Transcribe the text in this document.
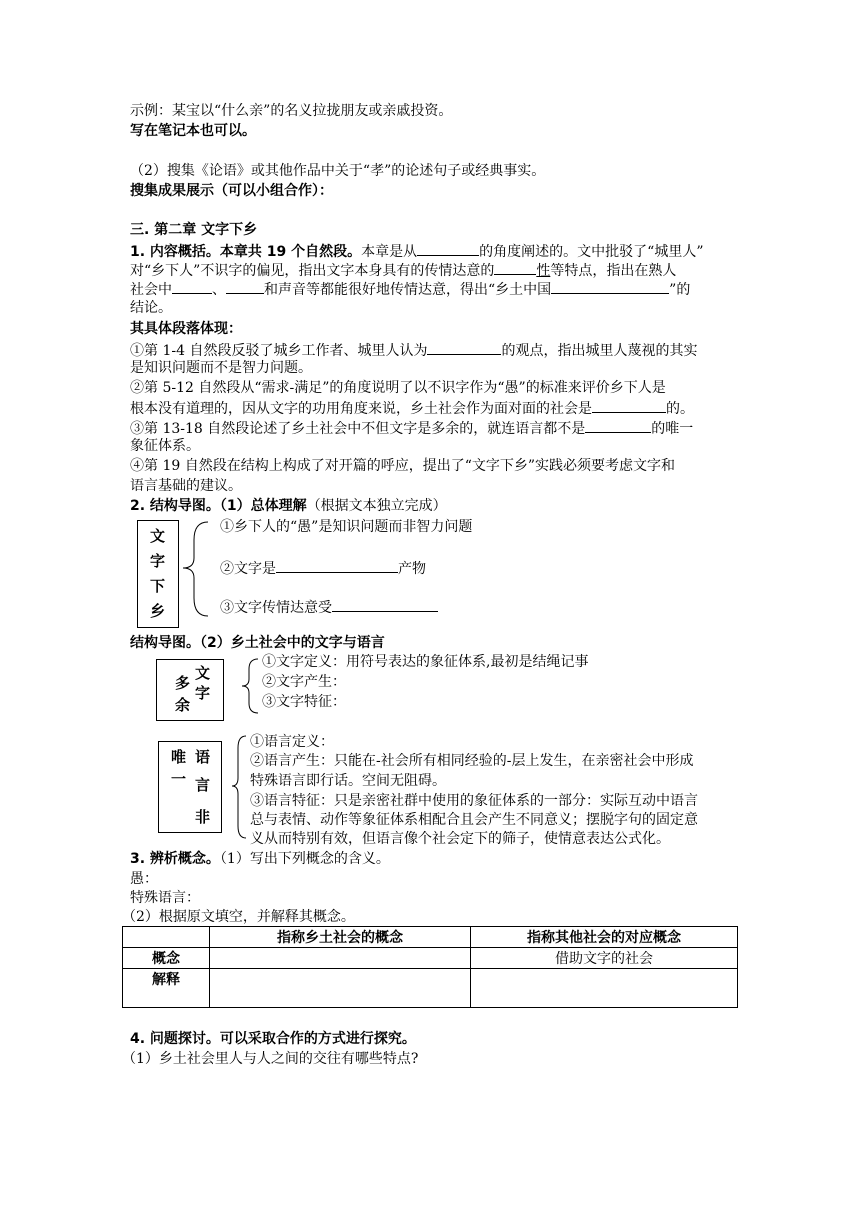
示例：某宝以“什么亲”的名义拉拢朋友或亲戚投资。
写在笔记本也可以。
（2）搜集《论语》或其他作品中关于“孝”的论述句子或经典事实。
搜集成果展示（可以小组合作）：
三. 第二章 文字下乡
1. 内容概括。本章共 19 个自然段。本章是从	的角度阐述的。文中批驳了“城里人”
对“乡下人”不识字的偏见，指出文字本身具有的传情达意的	性等特点，指出在熟人
社会中	、	和声音等都能很好地传情达意，得出“乡土中国	”的
结论。
其具体段落体现：
①第 1-4 自然段反驳了城乡工作者、城里人认为	的观点，指出城里人蔑视的其实
是知识问题而不是智力问题。
②第 5-12 自然段从“需求-满足”的角度说明了以不识字作为“愚”的标准来评价乡下人是
根本没有道理的，因从文字的功用角度来说，乡土社会作为面对面的社会是	的。
③第 13-18 自然段论述了乡土社会中不但文字是多余的，就连语言都不是	的唯一
象征体系。
④第 19 自然段在结构上构成了对开篇的呼应，提出了“文字下乡”实践必须要考虑文字和
语言基础的建议。
2. 结构导图。（1）总体理解（根据文本独立完成）
文
字
下
乡
①乡下人的“愚”是知识问题而非智力问题
②文字是	产物
③文字传情达意受
结构导图。（2）乡土社会中的文字与语言
多
余
文
字
①文字定义：用符号表达的象征体系,最初是结绳记事
②文字产生：
③文字特征：
唯
一
语
言
非
①语言定义：
②语言产生：只能在-社会所有相同经验的-层上发生，在亲密社会中形成
特殊语言即行话。空间无阻碍。
③语言特征：只是亲密社群中使用的象征体系的一部分：实际互动中语言
总与表情、动作等象征体系相配合且会产生不同意义；摆脱字句的固定意
义从而特别有效，但语言像个社会定下的筛子，使情意表达公式化。
3. 辨析概念。（1）写出下列概念的含义。
愚：
特殊语言：
（2）根据原文填空，并解释其概念。
	指称乡土社会的概念	指称其他社会的对应概念
概念		借助文字的社会
解释		
4. 问题探讨。可以采取合作的方式进行探究。
（1）乡土社会里人与人之间的交往有哪些特点?
